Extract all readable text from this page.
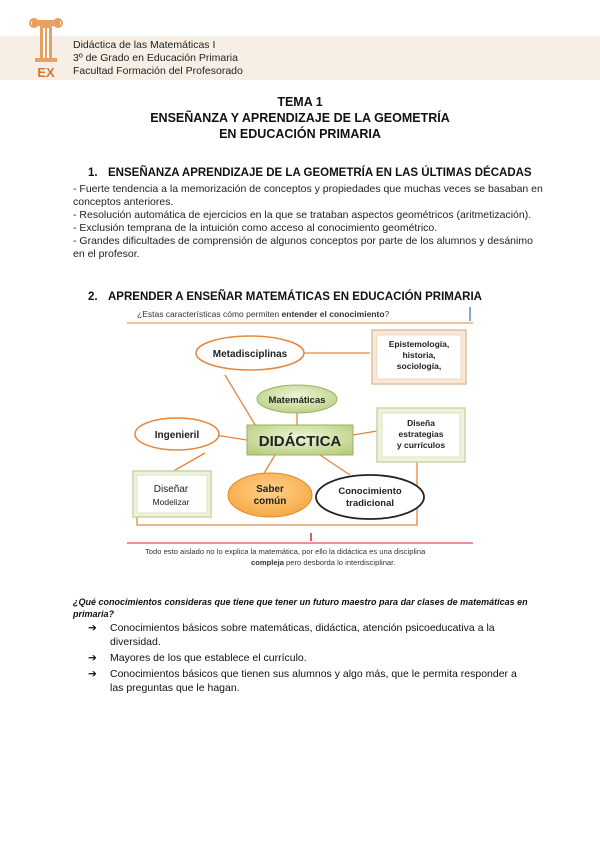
EX
Didáctica de las Matemáticas I
3º de Grado en Educación Primaria
Facultad Formación del Profesorado
TEMA 1
ENSEÑANZA Y APRENDIZAJE DE LA GEOMETRÍA
EN EDUCACIÓN PRIMARIA
1. ENSEÑANZA APRENDIZAJE DE LA GEOMETRÍA EN LAS ÚLTIMAS DÉCADAS
- Fuerte tendencia a la memorización de conceptos y propiedades que muchas veces se basaban en conceptos anteriores.
- Resolución automática de ejercicios en la que se trataban aspectos geométricos (aritmetización).
- Exclusión temprana de la intuición como acceso al conocimiento geométrico.
- Grandes dificultades de comprensión de algunos conceptos por parte de los alumnos y desánimo en el profesor.
2. APRENDER A ENSEÑAR MATEMÁTICAS EN EDUCACIÓN PRIMARIA
¿Estas características cómo permiten entender el conocimiento?
Metadisciplinas
Epistemología,
historia,
sociología,
Matemáticas
Ingenieril	DIDÁCTICA
Diseña
estrategias
y currículos
Diseñar
Modelizar
Saber
común
Conocimiento
tradicional
Todo esto aislado no lo explica la matemática, por ello la didáctica es una disciplina
compleja pero desborda lo interdisciplinar.
¿Qué conocimientos consideras que tiene que tener un futuro maestro para dar clases de matemáticas en primaria?
➔ Conocimientos básicos sobre matemáticas, didáctica, atención psicoeducativa a la diversidad.
➔ Mayores de los que establece el currículo.
➔ Conocimientos básicos que tienen sus alumnos y algo más, que le permita responder a las preguntas que le hagan.
